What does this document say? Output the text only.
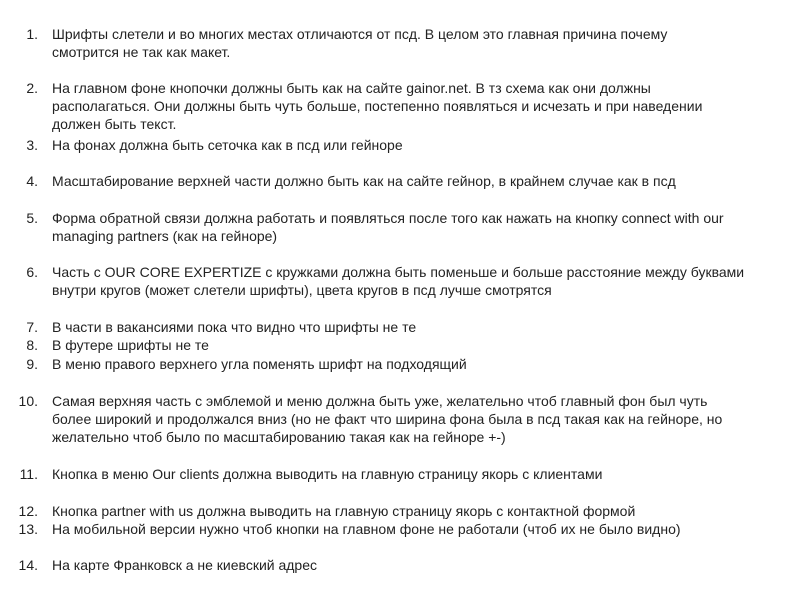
1. Шрифты слетели и во многих местах отличаются от псд. В целом это главная причина почему
смотрится не так как макет.
2. На главном фоне кнопочки должны быть как на сайте gainor.net. В тз схема как они должны
располагаться. Они должны быть чуть больше, постепенно появляться и исчезать и при наведении
должен быть текст.
3. На фонах должна быть сеточка как в псд или гейноре
4. Масштабирование верхней части должно быть как на сайте гейнор, в крайнем случае как в псд
5. Форма обратной связи должна работать и появляться после того как нажать на кнопку connect with our
managing partners (как на гейноре)
6. Часть с OUR CORE EXPERTIZE с кружками должна быть поменьше и больше расстояние между буквами
внутри кругов (может слетели шрифты), цвета кругов в псд лучше смотрятся
7. В части в вакансиями пока что видно что шрифты не те
8. В футере шрифты не те
9. В меню правого верхнего угла поменять шрифт на подходящий
10. Самая верхняя часть с эмблемой и меню должна быть уже, желательно чтоб главный фон был чуть
более широкий и продолжался вниз (но не факт что ширина фона была в псд такая как на гейноре, но
желательно чтоб было по масштабированию такая как на гейноре +-)
11. Кнопка в меню Our clients должна выводить на главную страницу якорь с клиентами
12. Кнопка partner with us должна выводить на главную страницу якорь с контактной формой
13. На мобильной версии нужно чтоб кнопки на главном фоне не работали (чтоб их не было видно)
14. На карте Франковск а не киевский адрес
